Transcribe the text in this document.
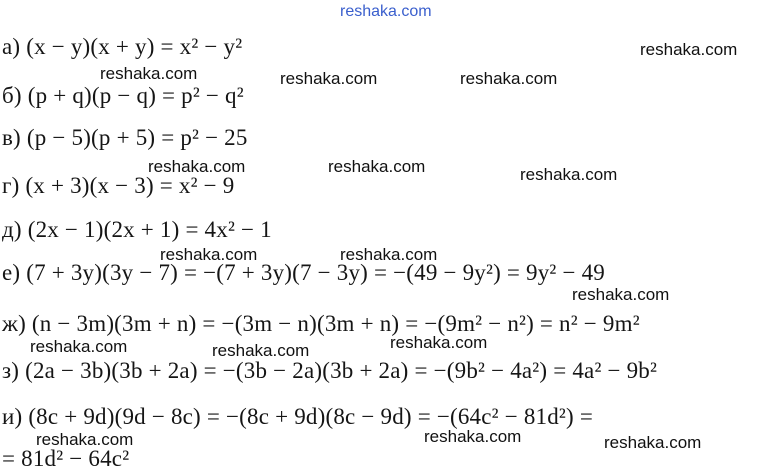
reshaka.com
а) (x − y)(x + y) = x² − y²
б) (p + q)(p − q) = p² − q²
в) (p − 5)(p + 5) = p² − 25
г) (x + 3)(x − 3) = x² − 9
д) (2x − 1)(2x + 1) = 4x² − 1
е) (7 + 3y)(3y − 7) = −(7 + 3y)(7 − 3y) = −(49 − 9y²) = 9y² − 49
ж) (n − 3m)(3m + n) = −(3m − n)(3m + n) = −(9m² − n²) = n² − 9m²
з) (2a − 3b)(3b + 2a) = −(3b − 2a)(3b + 2a) = −(9b² − 4a²) = 4a² − 9b²
и) (8c + 9d)(9d − 8c) = −(8c + 9d)(8c − 9d) = −(64c² − 81d²) =
= 81d² − 64c²
reshaka.com
reshaka.com	reshaka.com	reshaka.com
reshaka.com	reshaka.com	reshaka.com
reshaka.com	reshaka.com
reshaka.com
reshaka.com	reshaka.com	reshaka.com
reshaka.com	reshaka.com	reshaka.com
